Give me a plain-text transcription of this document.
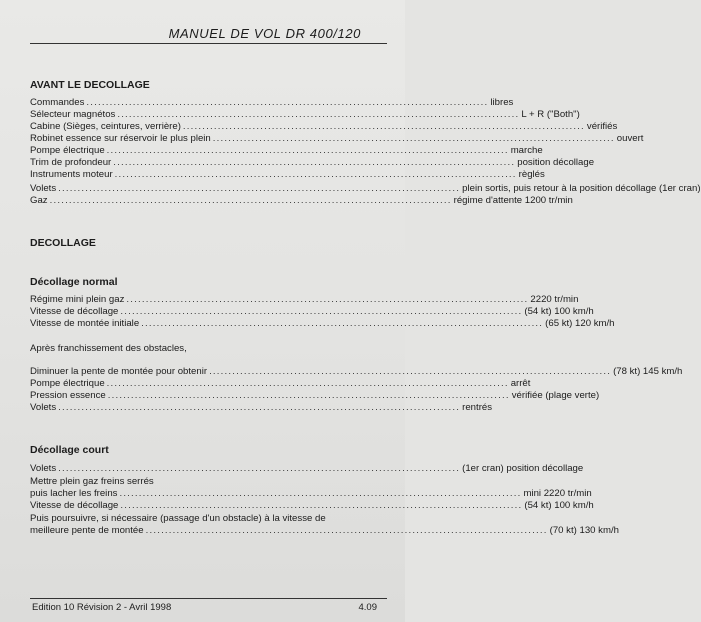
MANUEL DE VOL DR 400/120
AVANT LE DECOLLAGE
Commandes ........................................................................................................ libres
Sélecteur magnétos ........................................................................................................ L + R ("Both")
Cabine (Sièges, ceintures, verrière) ........................................................................................................ vérifiés
Robinet essence sur réservoir le plus plein ........................................................................................................ ouvert
Pompe électrique ........................................................................................................ marche
Trim de profondeur ........................................................................................................ position décollage
Instruments moteur ........................................................................................................ règlés
Volets ........................................................................................................ plein sortis, puis retour à la position décollage (1er cran)
Gaz ........................................................................................................ régime d'attente 1200 tr/min
DECOLLAGE
Décollage normal
Régime mini plein gaz ........................................................................................................ 2220 tr/min
Vitesse de décollage ........................................................................................................ (54 kt) 100 km/h
Vitesse de montée initiale ........................................................................................................ (65 kt) 120 km/h
Après franchissement des obstacles,
Diminuer la pente de montée pour obtenir ........................................................................................................ (78 kt) 145 km/h
Pompe électrique ........................................................................................................ arrêt
Pression essence ........................................................................................................ vérifiée (plage verte)
Volets ........................................................................................................ rentrés
Décollage court
Volets ........................................................................................................ (1er cran) position décollage
Mettre plein gaz freins serrés
puis lacher les freins ........................................................................................................ mini 2220 tr/min
Vitesse de décollage ........................................................................................................ (54 kt) 100 km/h
Puis poursuivre, si nécessaire (passage d'un obstacle) à la vitesse de
meilleure pente de montée ........................................................................................................ (70 kt) 130 km/h
Edition 10 Révision 2 - Avril 1998	4.09
